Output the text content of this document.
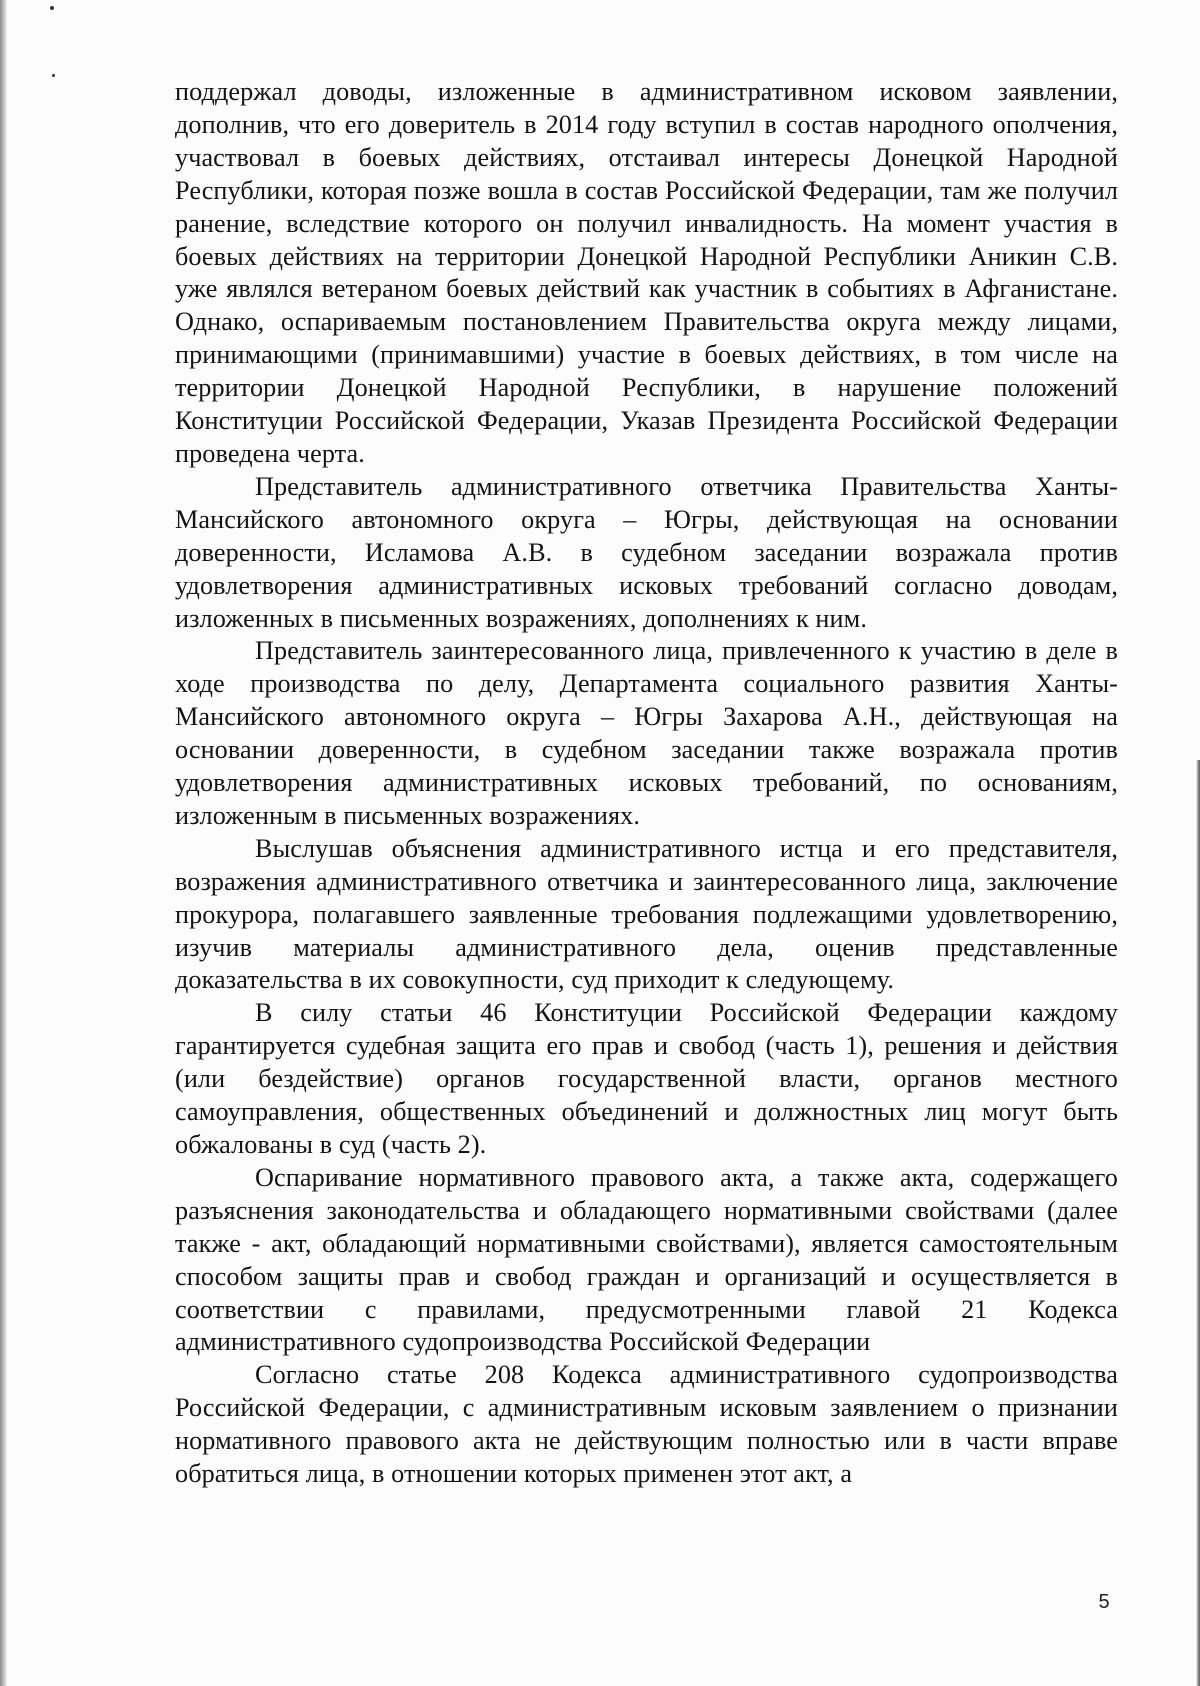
поддержал доводы, изложенные в административном исковом заявлении, дополнив, что его доверитель в 2014 году вступил в состав народного ополчения, участвовал в боевых действиях, отстаивал интересы Донецкой Народной Республики, которая позже вошла в состав Российской Федерации, там же получил ранение, вследствие которого он получил инвалидность. На момент участия в боевых действиях на территории Донецкой Народной Республики Аникин С.В. уже являлся ветераном боевых действий как участник в событиях в Афганистане. Однако, оспариваемым постановлением Правительства округа между лицами, принимающими (принимавшими) участие в боевых действиях, в том числе на территории Донецкой Народной Республики, в нарушение положений Конституции Российской Федерации, Указав Президента Российской Федерации проведена черта.

Представитель административного ответчика Правительства Ханты-Мансийского автономного округа – Югры, действующая на основании доверенности, Исламова А.В. в судебном заседании возражала против удовлетворения административных исковых требований согласно доводам, изложенных в письменных возражениях, дополнениях к ним.

Представитель заинтересованного лица, привлеченного к участию в деле в ходе производства по делу, Департамента социального развития Ханты-Мансийского автономного округа – Югры Захарова А.Н., действующая на основании доверенности, в судебном заседании также возражала против удовлетворения административных исковых требований, по основаниям, изложенным в письменных возражениях.

Выслушав объяснения административного истца и его представителя, возражения административного ответчика и заинтересованного лица, заключение прокурора, полагавшего заявленные требования подлежащими удовлетворению, изучив материалы административного дела, оценив представленные доказательства в их совокупности, суд приходит к следующему.

В силу статьи 46 Конституции Российской Федерации каждому гарантируется судебная защита его прав и свобод (часть 1), решения и действия (или бездействие) органов государственной власти, органов местного самоуправления, общественных объединений и должностных лиц могут быть обжалованы в суд (часть 2).

Оспаривание нормативного правового акта, а также акта, содержащего разъяснения законодательства и обладающего нормативными свойствами (далее также - акт, обладающий нормативными свойствами), является самостоятельным способом защиты прав и свобод граждан и организаций и осуществляется в соответствии с правилами, предусмотренными главой 21 Кодекса административного судопроизводства Российской Федерации

Согласно статье 208 Кодекса административного судопроизводства Российской Федерации, с административным исковым заявлением о признании нормативного правового акта не действующим полностью или в части вправе обратиться лица, в отношении которых применен этот акт, а

5
